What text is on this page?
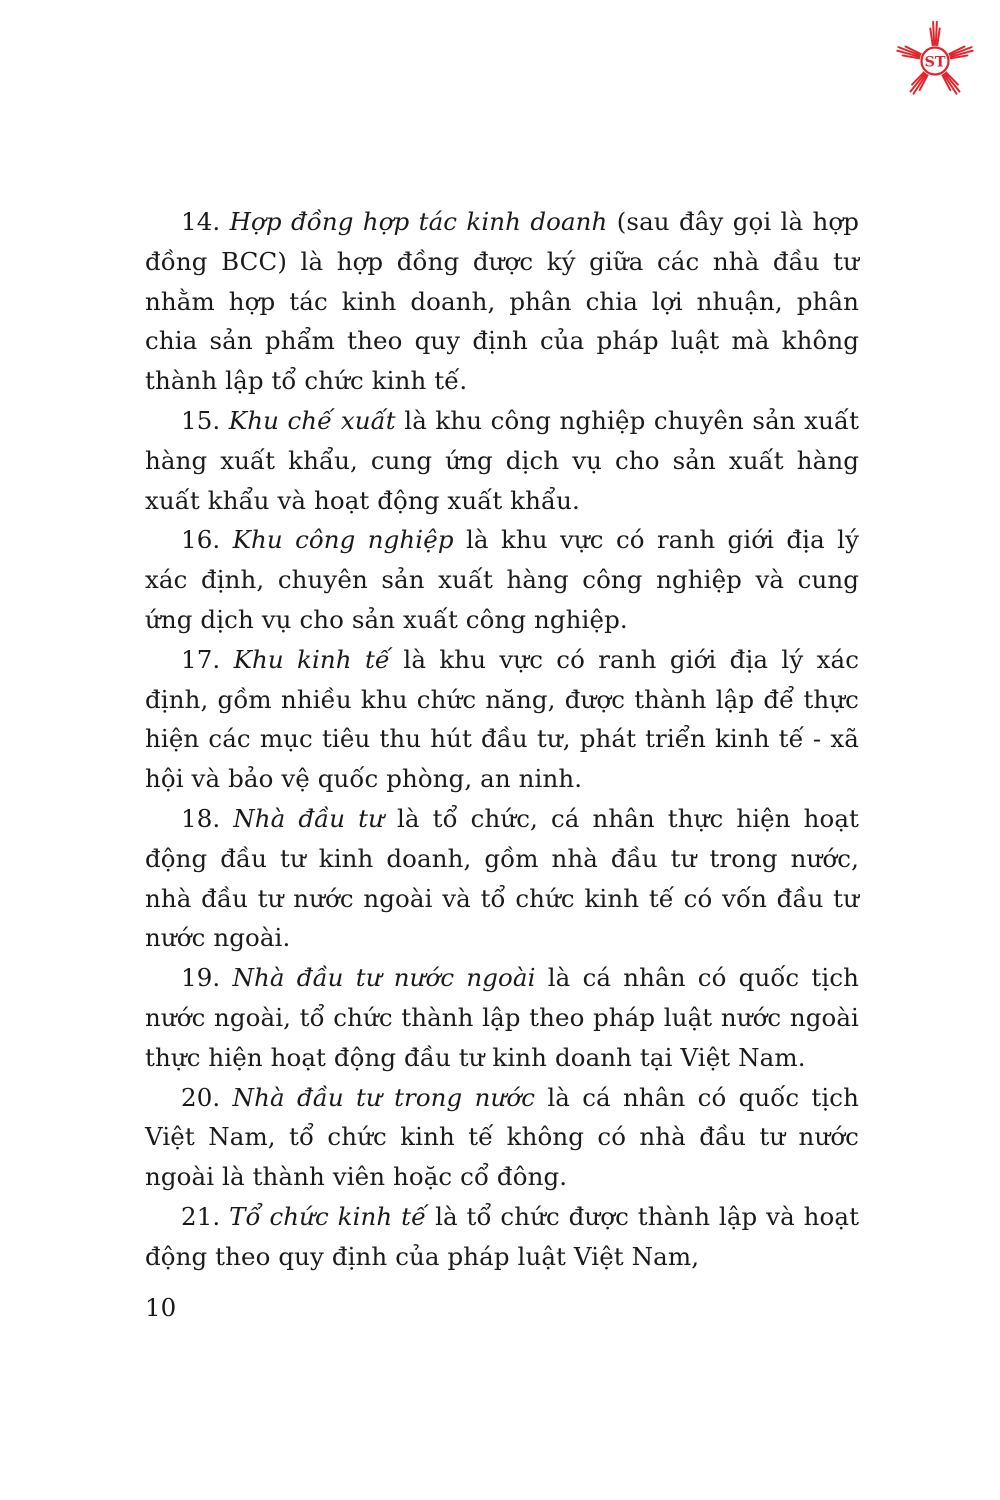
ST

14. Hợp đồng hợp tác kinh doanh (sau đây gọi là hợp đồng BCC) là hợp đồng được ký giữa các nhà đầu tư nhằm hợp tác kinh doanh, phân chia lợi nhuận, phân chia sản phẩm theo quy định của pháp luật mà không thành lập tổ chức kinh tế.

15. Khu chế xuất là khu công nghiệp chuyên sản xuất hàng xuất khẩu, cung ứng dịch vụ cho sản xuất hàng xuất khẩu và hoạt động xuất khẩu.

16. Khu công nghiệp là khu vực có ranh giới địa lý xác định, chuyên sản xuất hàng công nghiệp và cung ứng dịch vụ cho sản xuất công nghiệp.

17. Khu kinh tế là khu vực có ranh giới địa lý xác định, gồm nhiều khu chức năng, được thành lập để thực hiện các mục tiêu thu hút đầu tư, phát triển kinh tế - xã hội và bảo vệ quốc phòng, an ninh.

18. Nhà đầu tư là tổ chức, cá nhân thực hiện hoạt động đầu tư kinh doanh, gồm nhà đầu tư trong nước, nhà đầu tư nước ngoài và tổ chức kinh tế có vốn đầu tư nước ngoài.

19. Nhà đầu tư nước ngoài là cá nhân có quốc tịch nước ngoài, tổ chức thành lập theo pháp luật nước ngoài thực hiện hoạt động đầu tư kinh doanh tại Việt Nam.

20. Nhà đầu tư trong nước là cá nhân có quốc tịch Việt Nam, tổ chức kinh tế không có nhà đầu tư nước ngoài là thành viên hoặc cổ đông.

21. Tổ chức kinh tế là tổ chức được thành lập và hoạt động theo quy định của pháp luật Việt Nam,

10
